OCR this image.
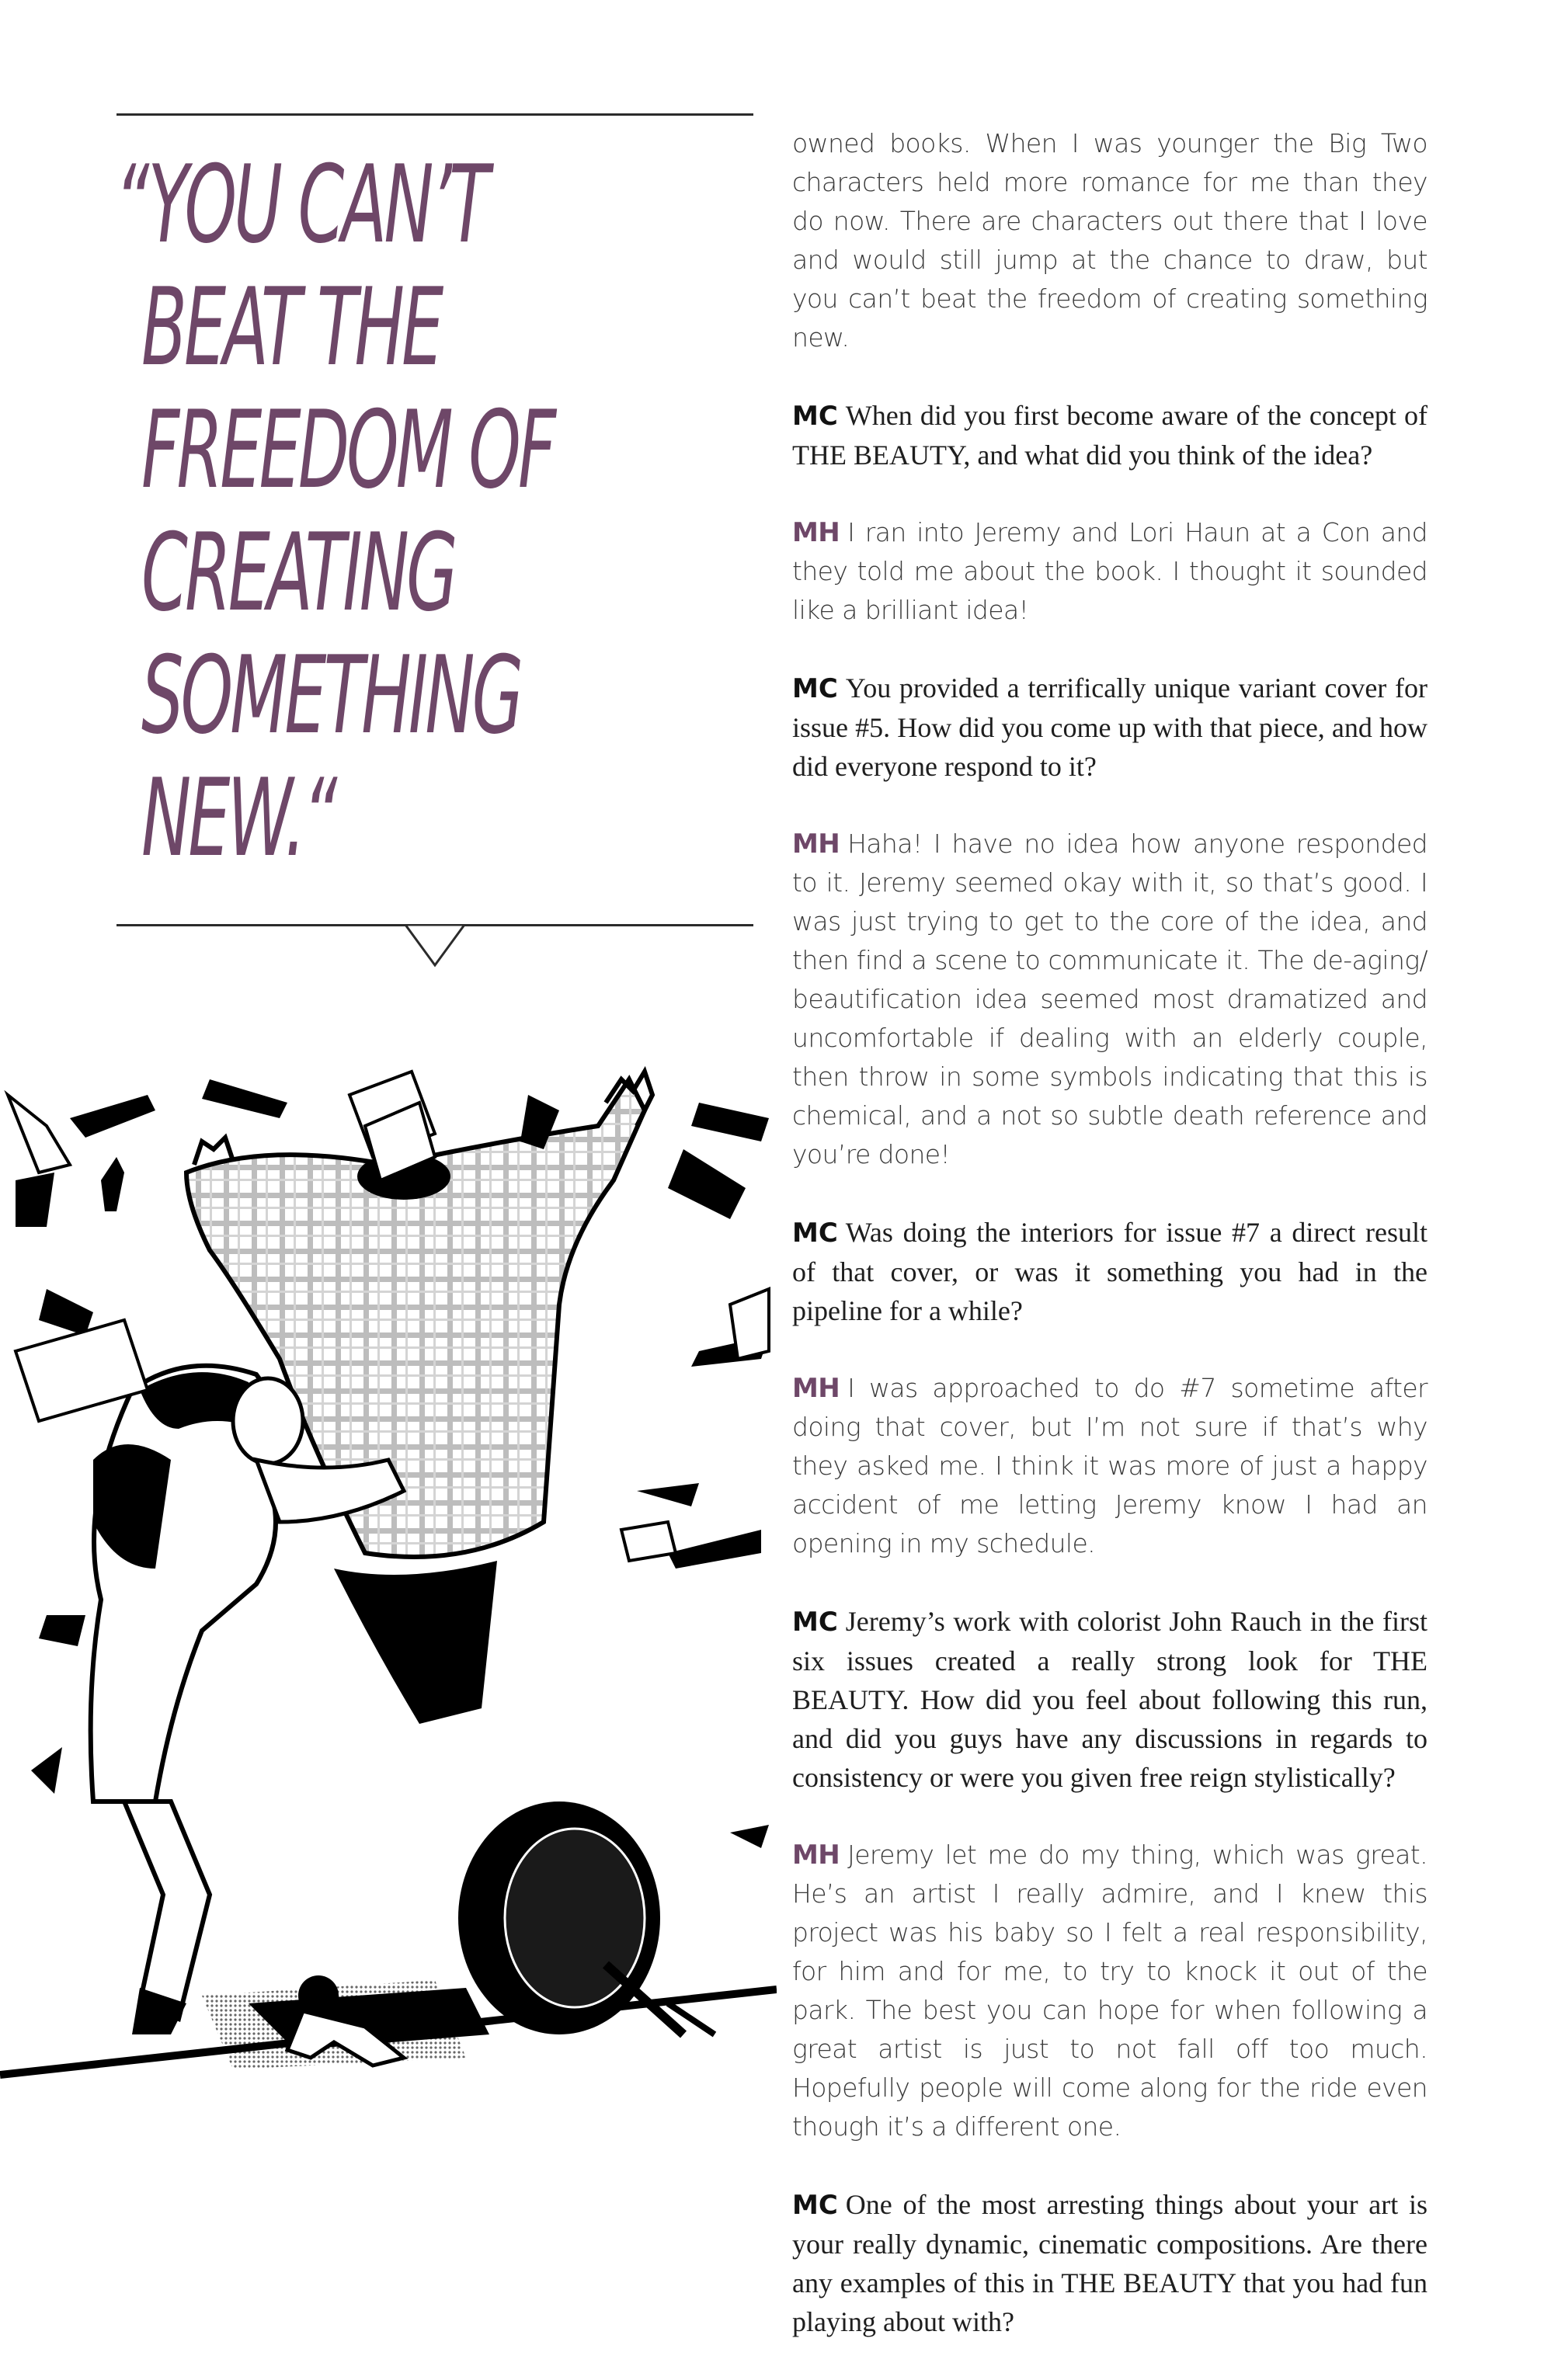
“YOU CAN’T
BEAT THE
FREEDOM OF
CREATING
SOMETHING
NEW.“

owned books. When I was younger the Big Two characters held more romance for me than they do now. There are characters out there that I love and would still jump at the chance to draw, but you can’t beat the freedom of creating something new.

MC When did you first become aware of the concept of THE BEAUTY, and what did you think of the idea?

MH I ran into Jeremy and Lori Haun at a Con and they told me about the book. I thought it sounded like a brilliant idea!

MC You provided a terrifically unique variant cover for issue #5. How did you come up with that piece, and how did everyone respond to it?

MH Haha! I have no idea how anyone responded to it. Jeremy seemed okay with it, so that’s good. I was just trying to get to the core of the idea, and then find a scene to communicate it. The de-aging/ beautification idea seemed most dramatized and uncomfortable if dealing with an elderly couple, then throw in some symbols indicating that this is chemical, and a not so subtle death reference and you’re done!

MC Was doing the interiors for issue #7 a direct result of that cover, or was it something you had in the pipeline for a while?

MH I was approached to do #7 sometime after doing that cover, but I’m not sure if that’s why they asked me. I think it was more of just a happy accident of me letting Jeremy know I had an opening in my schedule.

MC Jeremy’s work with colorist John Rauch in the first six issues created a really strong look for THE BEAUTY. How did you feel about following this run, and did you guys have any discussions in regards to consistency or were you given free reign stylistically?

MH Jeremy let me do my thing, which was great. He’s an artist I really admire, and I knew this project was his baby so I felt a real responsibility, for him and for me, to try to knock it out of the park. The best you can hope for when following a great artist is just to not fall off too much. Hopefully people will come along for the ride even though it’s a different one.

MC One of the most arresting things about your art is your really dynamic, cinematic compositions. Are there any examples of this in THE BEAUTY that you had fun playing about with?
